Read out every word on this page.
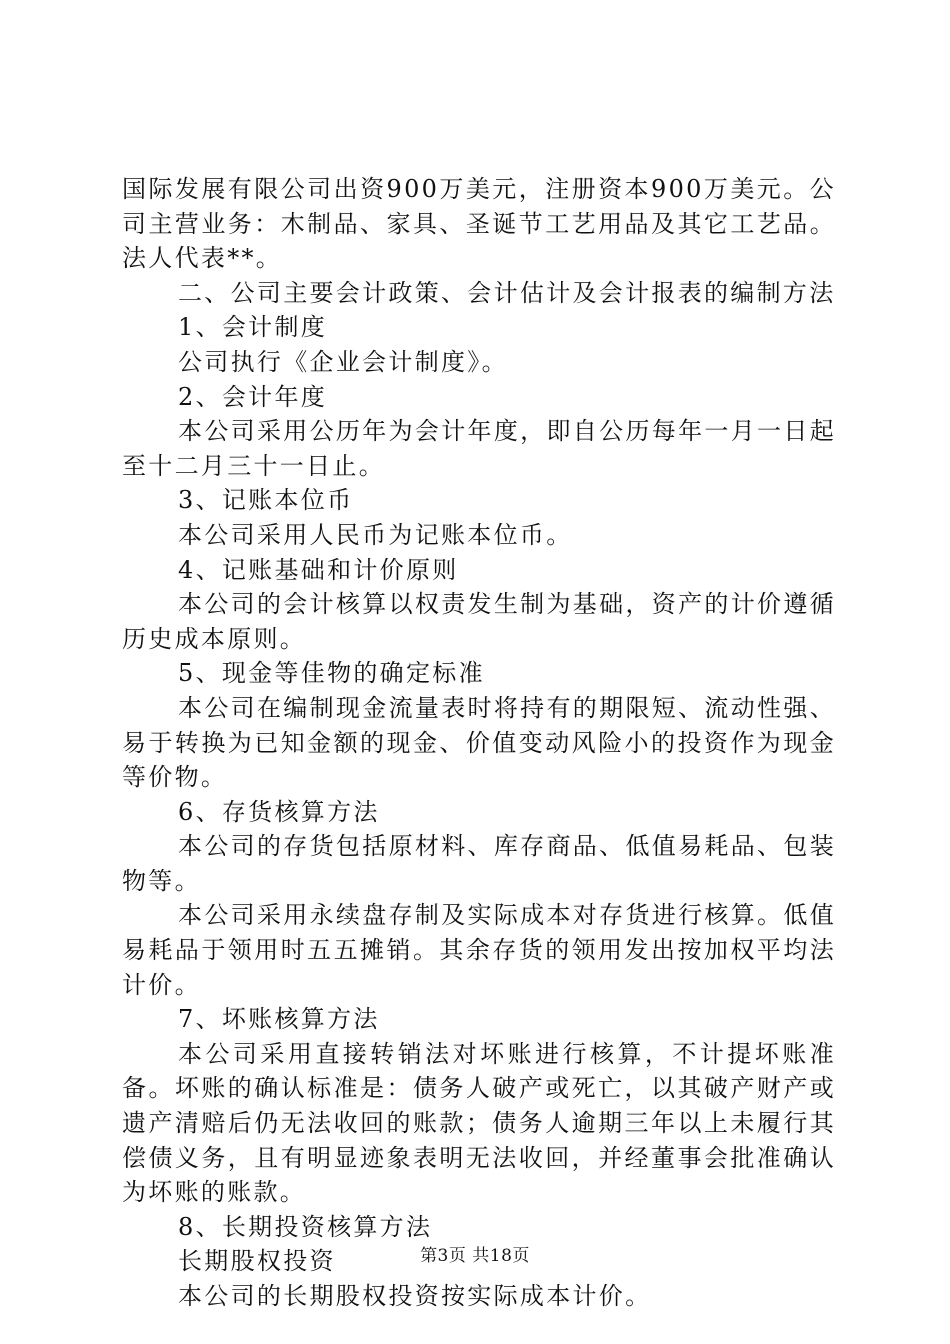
国际发展有限公司出资900万美元，注册资本900万美元。公司主营业务：木制品、家具、圣诞节工艺用品及其它工艺品。法人代表**。

二、公司主要会计政策、会计估计及会计报表的编制方法

1、会计制度

公司执行《企业会计制度》。

2、会计年度

本公司采用公历年为会计年度，即自公历每年一月一日起至十二月三十一日止。

3、记账本位币

本公司采用人民币为记账本位币。

4、记账基础和计价原则

本公司的会计核算以权责发生制为基础，资产的计价遵循历史成本原则。

5、现金等佳物的确定标准

本公司在编制现金流量表时将持有的期限短、流动性强、易于转换为已知金额的现金、价值变动风险小的投资作为现金等价物。

6、存货核算方法

本公司的存货包括原材料、库存商品、低值易耗品、包装物等。

本公司采用永续盘存制及实际成本对存货进行核算。低值易耗品于领用时五五摊销。其余存货的领用发出按加权平均法计价。

7、坏账核算方法

本公司采用直接转销法对坏账进行核算，不计提坏账准备。坏账的确认标准是：债务人破产或死亡，以其破产财产或遗产清赔后仍无法收回的账款；债务人逾期三年以上未履行其偿债义务，且有明显迹象表明无法收回，并经董事会批准确认为坏账的账款。

8、长期投资核算方法

长期股权投资

本公司的长期股权投资按实际成本计价。

第3页 共18页
